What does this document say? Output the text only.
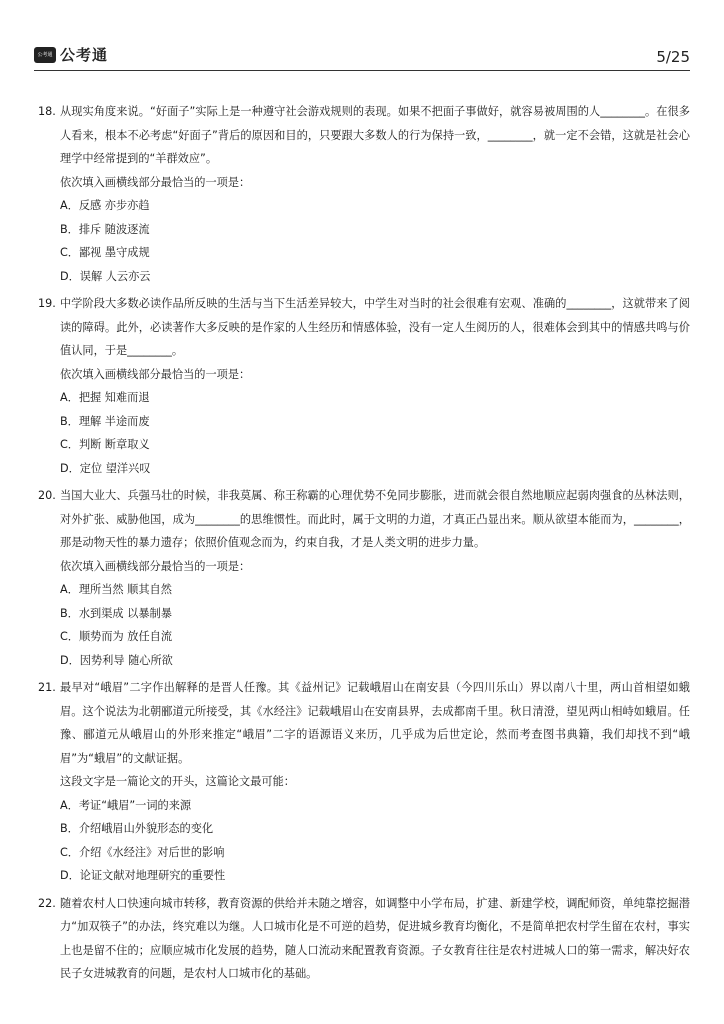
公考通 公考通	5/25
18. 从现实角度来说。“好面子”实际上是一种遵守社会游戏规则的表现。如果不把面子事做好，就容易被周围的人________。在很多人看来，根本不必考虑“好面子”背后的原因和目的，只要跟大多数人的行为保持一致，________，就一定不会错，这就是社会心理学中经常提到的“羊群效应”。
依次填入画横线部分最恰当的一项是：
A．反感 亦步亦趋
B．排斥 随波逐流
C．鄙视 墨守成规
D．误解 人云亦云
19. 中学阶段大多数必读作品所反映的生活与当下生活差异较大，中学生对当时的社会很难有宏观、准确的________，这就带来了阅读的障碍。此外，必读著作大多反映的是作家的人生经历和情感体验，没有一定人生阅历的人，很难体会到其中的情感共鸣与价值认同，于是________。
依次填入画横线部分最恰当的一项是：
A．把握 知难而退
B．理解 半途而废
C．判断 断章取义
D．定位 望洋兴叹
20. 当国大业大、兵强马壮的时候，非我莫属、称王称霸的心理优势不免同步膨胀，进而就会很自然地顺应起弱肉强食的丛林法则，对外扩张、威胁他国，成为________的思维惯性。而此时，属于文明的力道，才真正凸显出来。顺从欲望本能而为，________，那是动物天性的暴力遗存；依照价值观念而为，约束自我，才是人类文明的进步力量。
依次填入画横线部分最恰当的一项是：
A．理所当然 顺其自然
B．水到渠成 以暴制暴
C．顺势而为 放任自流
D．因势利导 随心所欲
21. 最早对“峨眉”二字作出解释的是晋人任豫。其《益州记》记载峨眉山在南安县（今四川乐山）界以南八十里，两山首相望如蛾眉。这个说法为北朝郦道元所接受，其《水经注》记载峨眉山在安南县界，去成都南千里。秋日清澄，望见两山相峙如蛾眉。任豫、郦道元从峨眉山的外形来推定“峨眉”二字的语源语义来历，几乎成为后世定论，然而考查图书典籍，我们却找不到“峨眉”为“蛾眉”的文献证据。
这段文字是一篇论文的开头，这篇论文最可能：
A．考证“峨眉”一词的来源
B．介绍峨眉山外貌形态的变化
C．介绍《水经注》对后世的影响
D．论证文献对地理研究的重要性
22. 随着农村人口快速向城市转移，教育资源的供给并未随之增容，如调整中小学布局，扩建、新建学校，调配师资，单纯靠挖掘潜力“加双筷子”的办法，终究难以为继。人口城市化是不可逆的趋势，促进城乡教育均衡化，不是简单把农村学生留在农村，事实上也是留不住的；应顺应城市化发展的趋势，随人口流动来配置教育资源。子女教育往往是农村进城人口的第一需求，解决好农民子女进城教育的问题，是农村人口城市化的基础。
